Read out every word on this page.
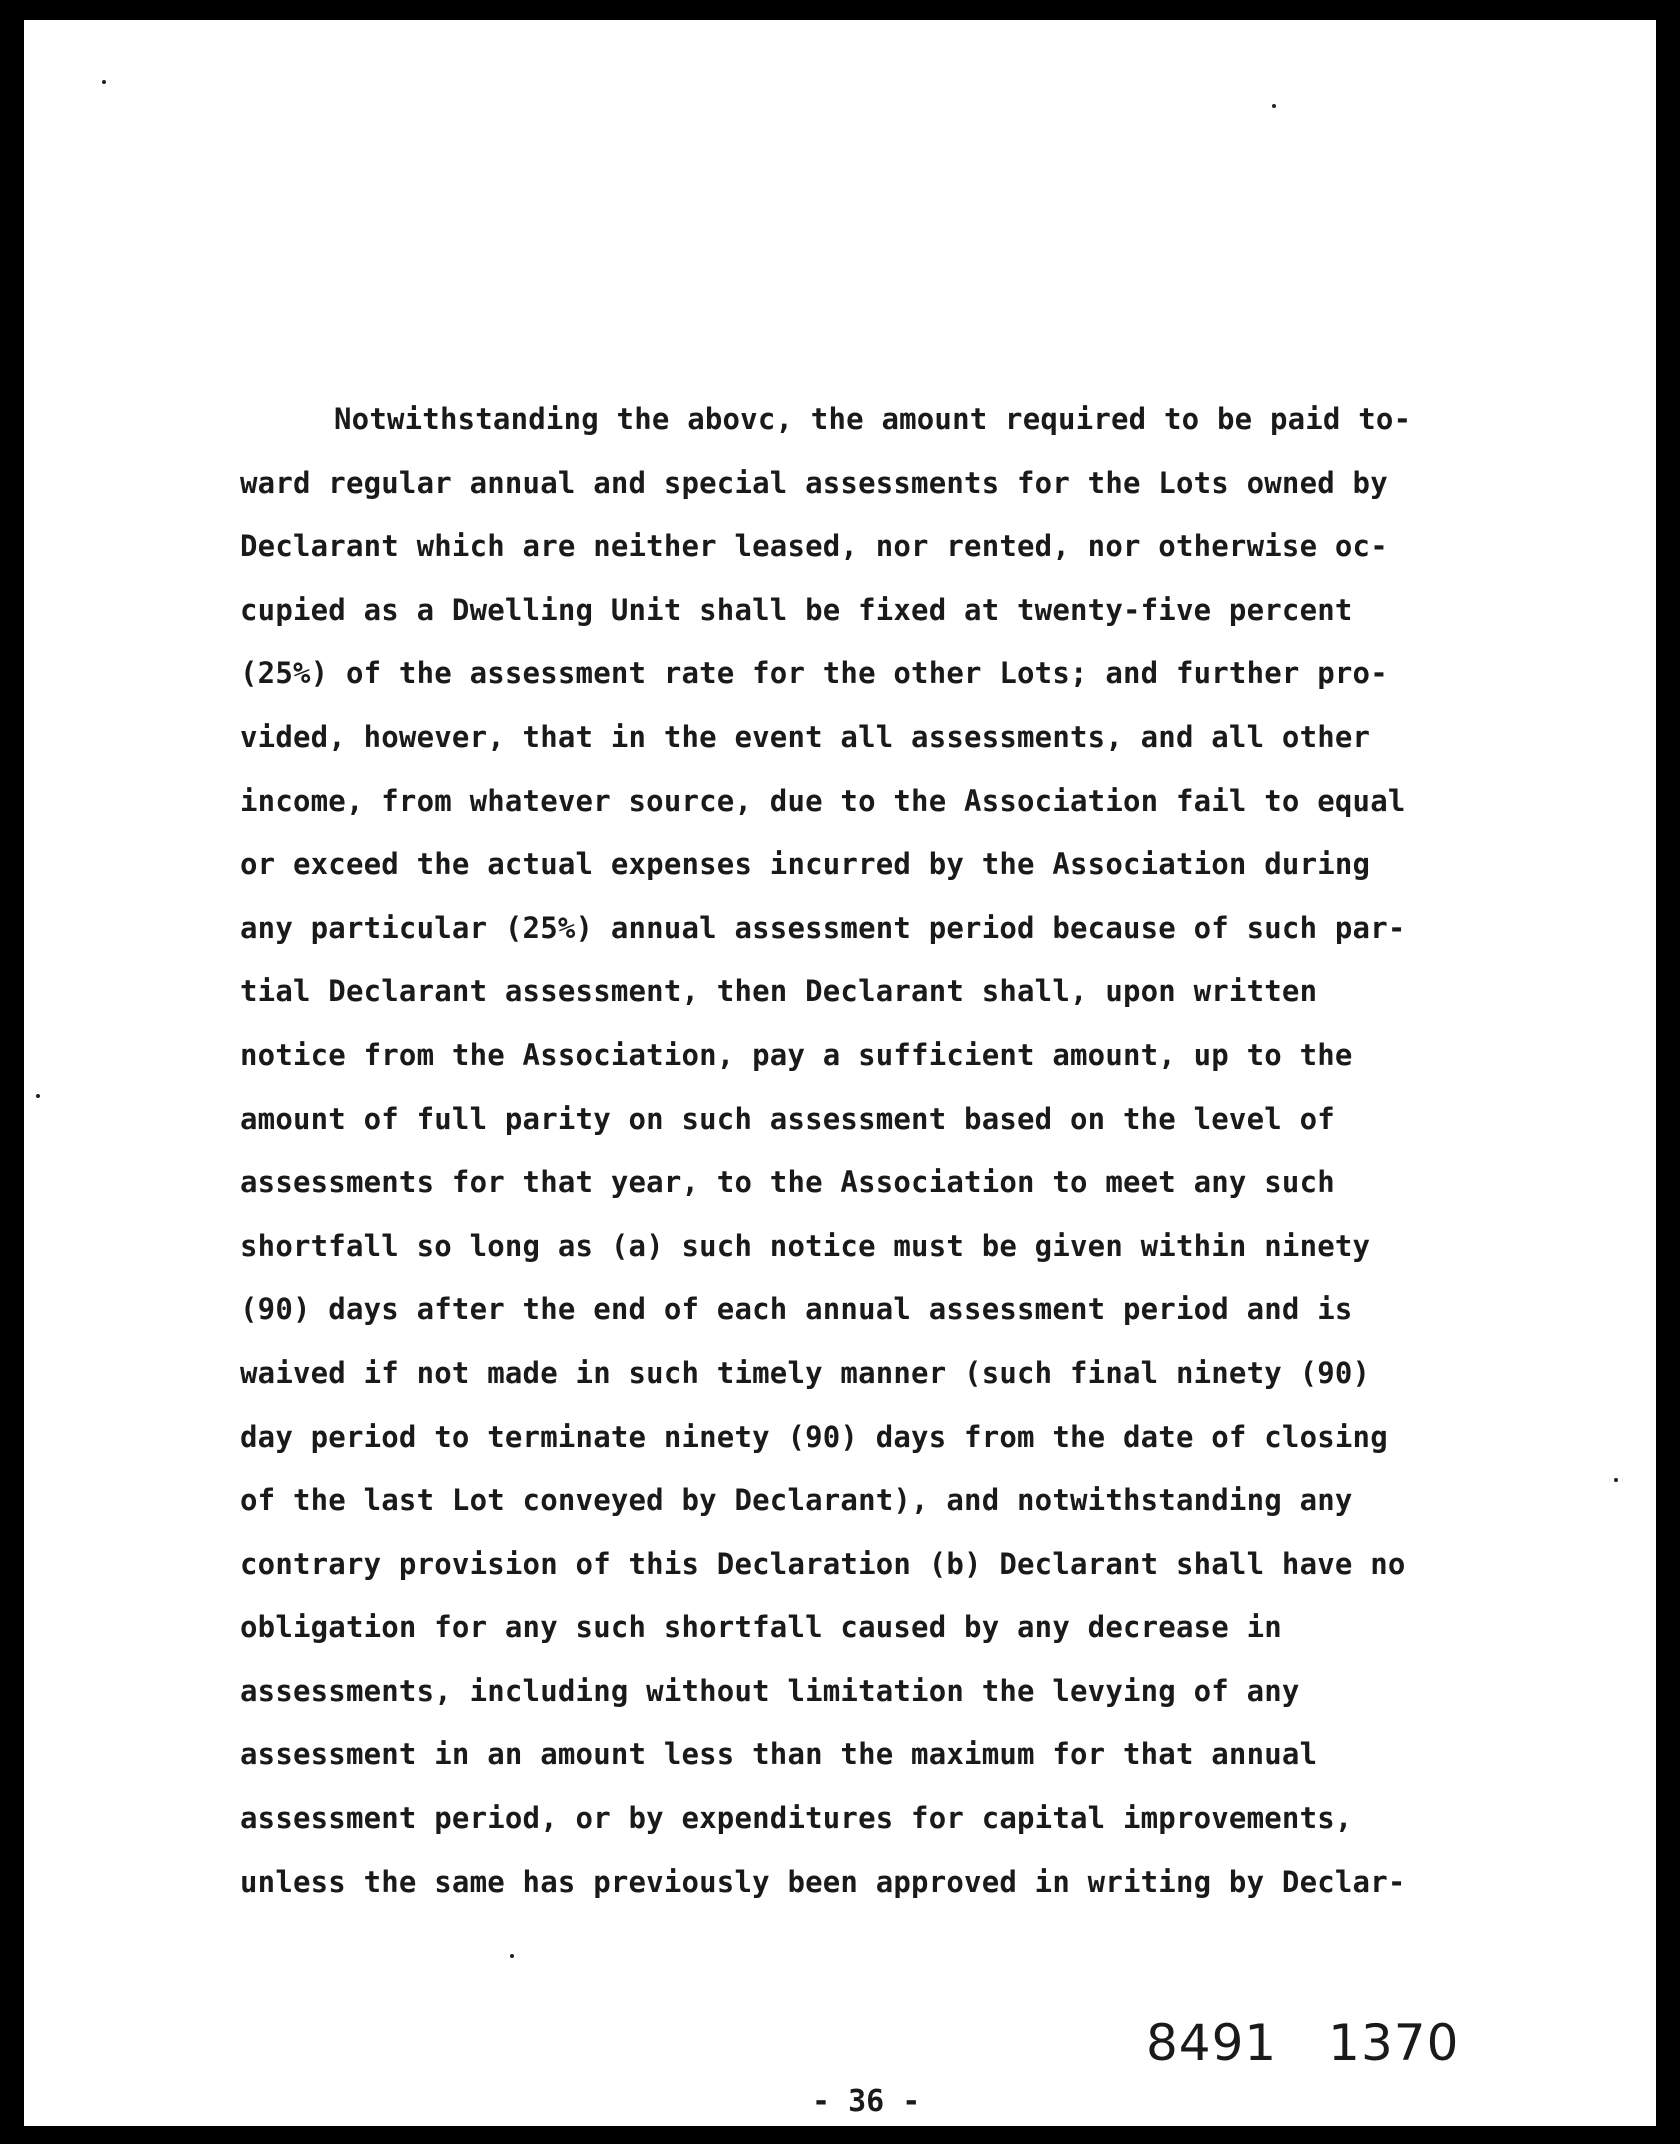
Notwithstanding the abovс, the amount required to be paid to-
ward regular annual and special assessments for the Lots owned by
Declarant which are neither leased, nor rented, nor otherwise oc-
cupied as a Dwelling Unit shall be fixed at twenty-five percent
(25%) of the assessment rate for the other Lots; and further pro-
vided, however, that in the event all assessments, and all other
income, from whatever source, due to the Association fail to equal
or exceed the actual expenses incurred by the Association during
any particular (25%) annual assessment period because of such par-
tial Declarant assessment, then Declarant shall, upon written
notice from the Association, pay a sufficient amount, up to the
amount of full parity on such assessment based on the level of
assessments for that year, to the Association to meet any such
shortfall so long as (a) such notice must be given within ninety
(90) days after the end of each annual assessment period and is
waived if not made in such timely manner (such final ninety (90)
day period to terminate ninety (90) days from the date of closing
of the last Lot conveyed by Declarant), and notwithstanding any
contrary provision of this Declaration (b) Declarant shall have no
obligation for any such shortfall caused by any decrease in
assessments, including without limitation the levying of any
assessment in an amount less than the maximum for that annual
assessment period, or by expenditures for capital improvements,
unless the same has previously been approved in writing by Declar-
8491 1370
- 36 -
